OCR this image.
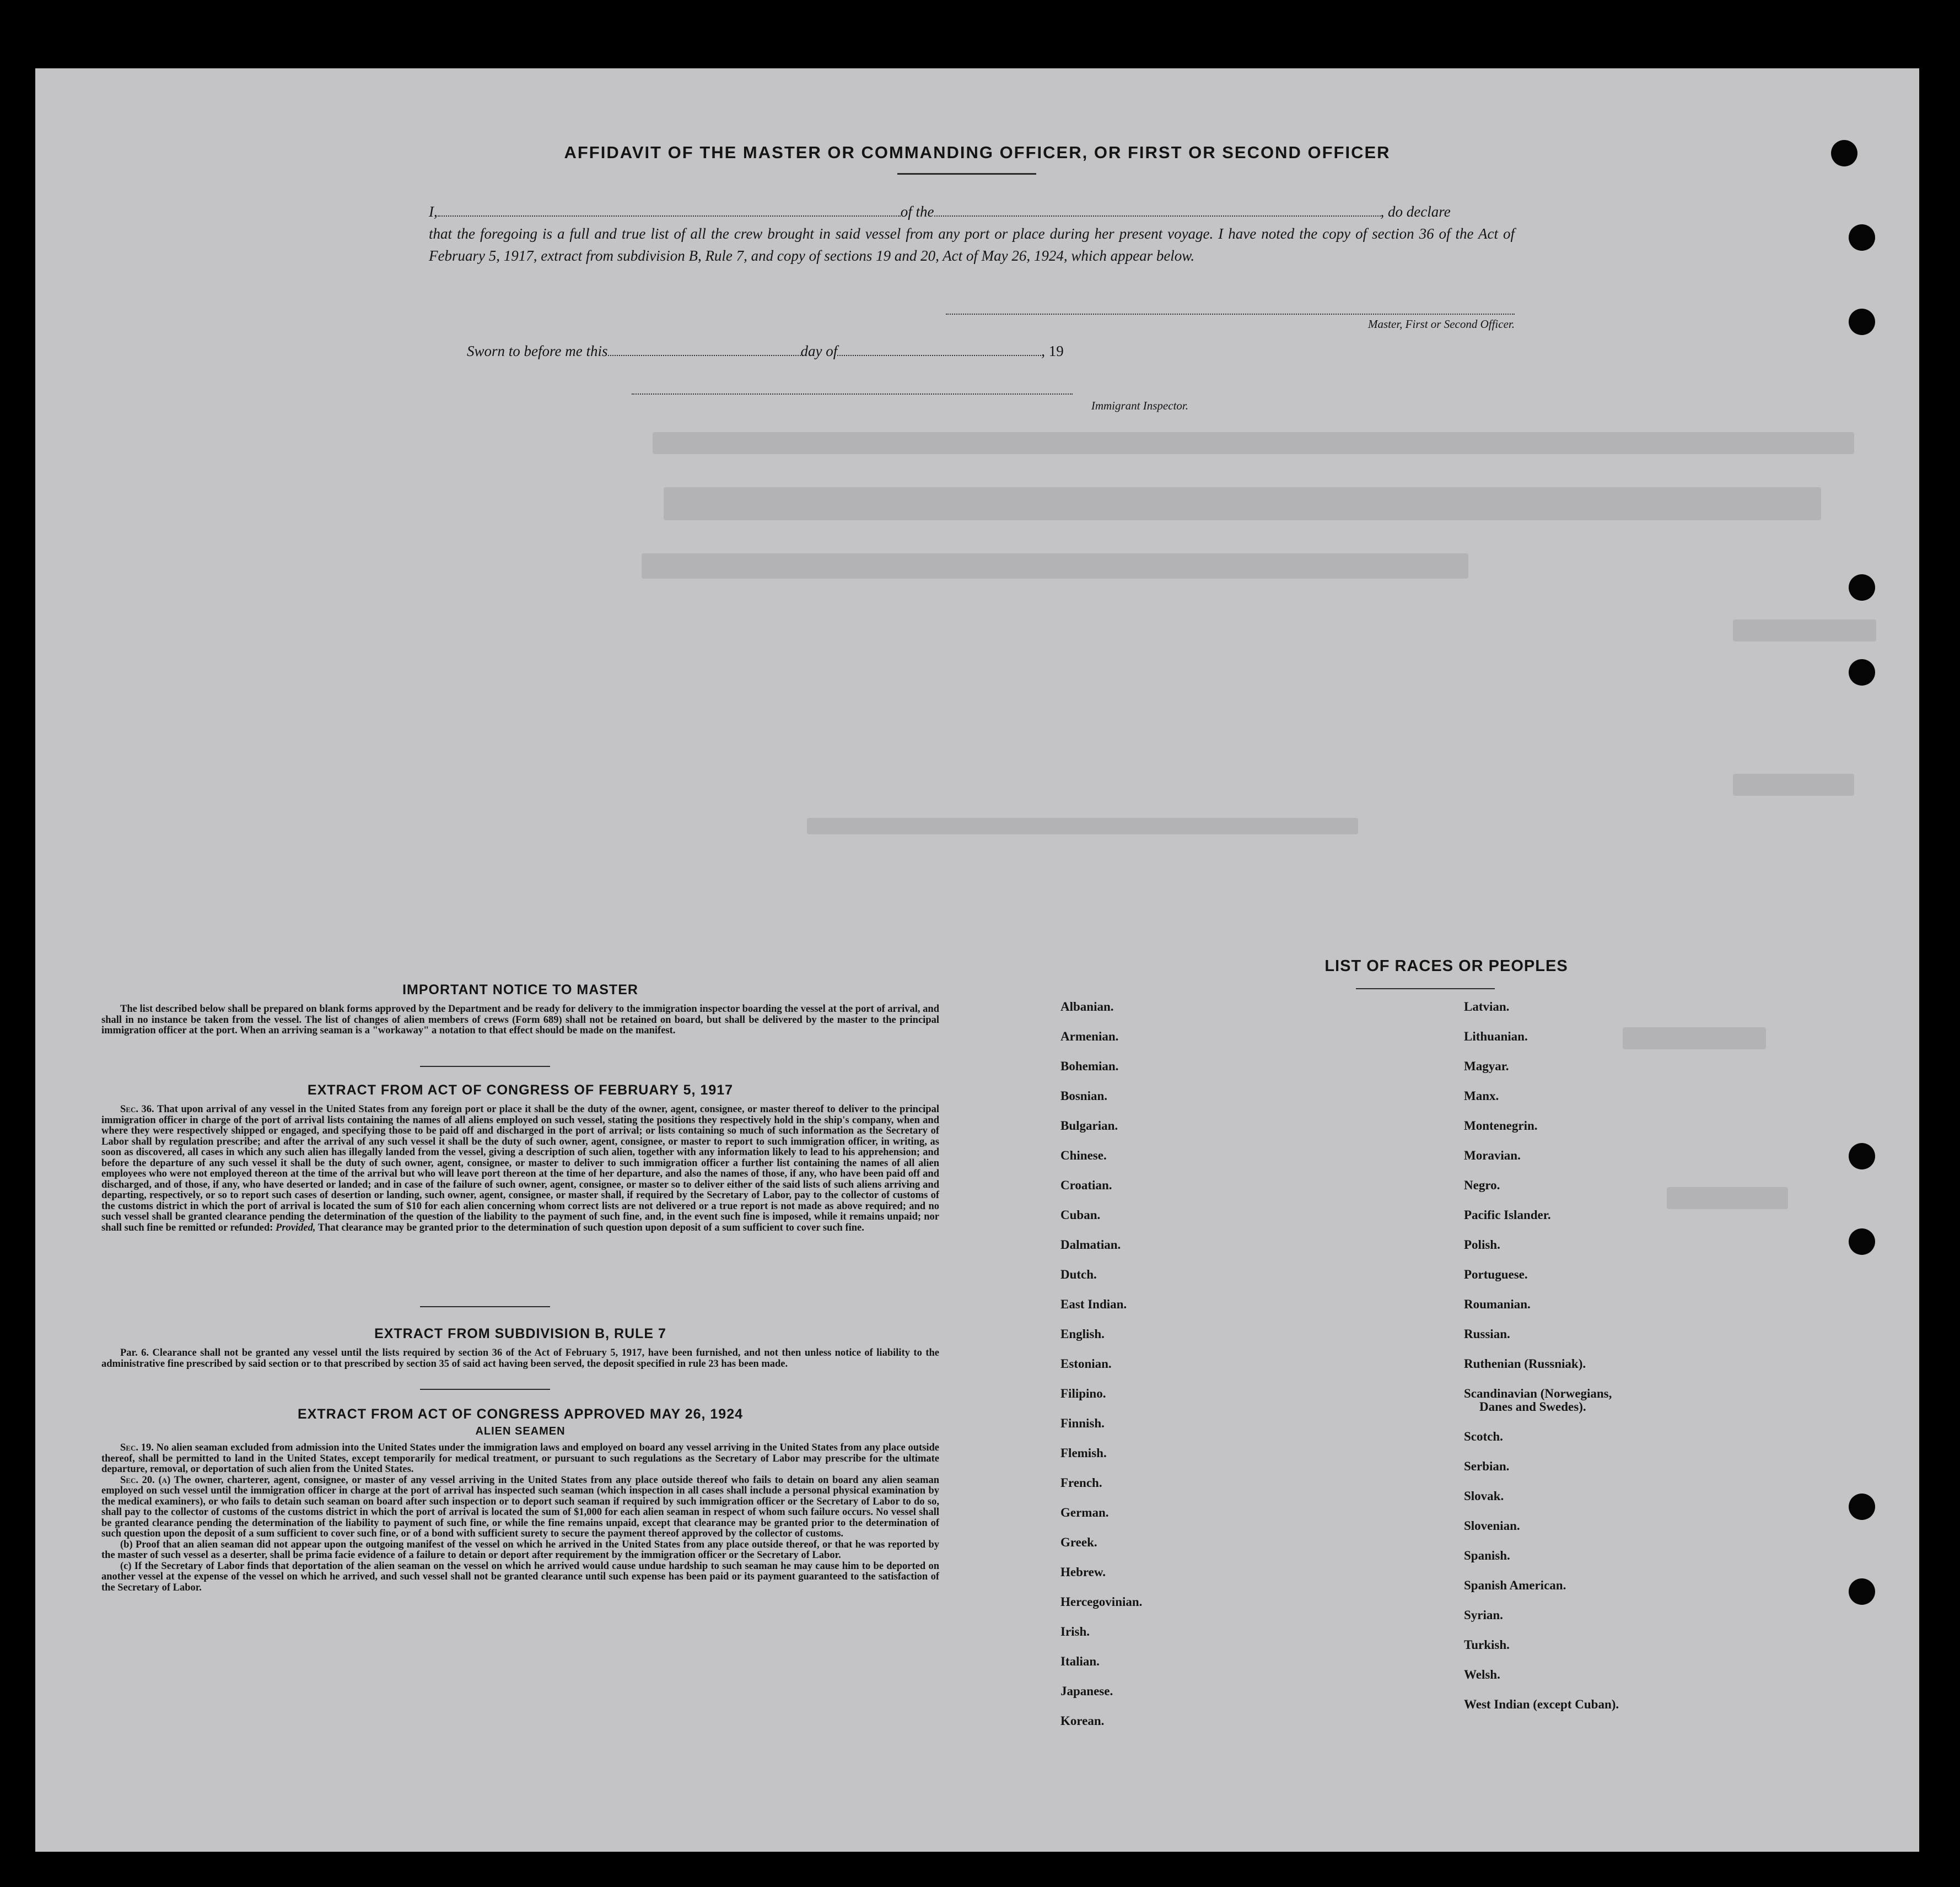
AFFIDAVIT OF THE MASTER OR COMMANDING OFFICER, OR FIRST OR SECOND OFFICER
I,	of the	, do declare
that the foregoing is a full and true list of all the crew brought in said vessel from any port or place during her present voyage. I have noted the copy of section 36 of the Act of February 5, 1917, extract from subdivision B, Rule 7, and copy of sections 19 and 20, Act of May 26, 1924, which appear below.
Master, First or Second Officer.
Sworn to before me this	day of	, 19
Immigrant Inspector.
IMPORTANT NOTICE TO MASTER

The list described below shall be prepared on blank forms approved by the Department and be ready for delivery to the immigration inspector boarding the vessel at the port of arrival, and shall in no instance be taken from the vessel. The list of changes of alien members of crews (Form 689) shall not be retained on board, but shall be delivered by the master to the principal immigration officer at the port. When an arriving seaman is a "workaway" a notation to that effect should be made on the manifest.

EXTRACT FROM ACT OF CONGRESS OF FEBRUARY 5, 1917

Sec. 36. That upon arrival of any vessel in the United States from any foreign port or place it shall be the duty of the owner, agent, consignee, or master thereof to deliver to the principal immigration officer in charge of the port of arrival lists containing the names of all aliens employed on such vessel, stating the positions they respectively hold in the ship's company, when and where they were respectively shipped or engaged, and specifying those to be paid off and discharged in the port of arrival; or lists containing so much of such information as the Secretary of Labor shall by regulation prescribe; and after the arrival of any such vessel it shall be the duty of such owner, agent, consignee, or master to report to such immigration officer, in writing, as soon as discovered, all cases in which any such alien has illegally landed from the vessel, giving a description of such alien, together with any information likely to lead to his apprehension; and before the departure of any such vessel it shall be the duty of such owner, agent, consignee, or master to deliver to such immigration officer a further list containing the names of all alien employees who were not employed thereon at the time of the arrival but who will leave port thereon at the time of her departure, and also the names of those, if any, who have been paid off and discharged, and of those, if any, who have deserted or landed; and in case of the failure of such owner, agent, consignee, or master so to deliver either of the said lists of such aliens arriving and departing, respectively, or so to report such cases of desertion or landing, such owner, agent, consignee, or master shall, if required by the Secretary of Labor, pay to the collector of customs of the customs district in which the port of arrival is located the sum of $10 for each alien concerning whom correct lists are not delivered or a true report is not made as above required; and no such vessel shall be granted clearance pending the determination of the question of the liability to the payment of such fine, and, in the event such fine is imposed, while it remains unpaid; nor shall such fine be remitted or refunded: Provided, That clearance may be granted prior to the determination of such question upon deposit of a sum sufficient to cover such fine.

EXTRACT FROM SUBDIVISION B, RULE 7

Par. 6. Clearance shall not be granted any vessel until the lists required by section 36 of the Act of February 5, 1917, have been furnished, and not then unless notice of liability to the administrative fine prescribed by said section or to that prescribed by section 35 of said act having been served, the deposit specified in rule 23 has been made.

EXTRACT FROM ACT OF CONGRESS APPROVED MAY 26, 1924
ALIEN SEAMEN

Sec. 19. No alien seaman excluded from admission into the United States under the immigration laws and employed on board any vessel arriving in the United States from any place outside thereof, shall be permitted to land in the United States, except temporarily for medical treatment, or pursuant to such regulations as the Secretary of Labor may prescribe for the ultimate departure, removal, or deportation of such alien from the United States.

Sec. 20. (a) The owner, charterer, agent, consignee, or master of any vessel arriving in the United States from any place outside thereof who fails to detain on board any alien seaman employed on such vessel until the immigration officer in charge at the port of arrival has inspected such seaman (which inspection in all cases shall include a personal physical examination by the medical examiners), or who fails to detain such seaman on board after such inspection or to deport such seaman if required by such immigration officer or the Secretary of Labor to do so, shall pay to the collector of customs of the customs district in which the port of arrival is located the sum of $1,000 for each alien seaman in respect of whom such failure occurs. No vessel shall be granted clearance pending the determination of the liability to payment of such fine, or while the fine remains unpaid, except that clearance may be granted prior to the determination of such question upon the deposit of a sum sufficient to cover such fine, or of a bond with sufficient surety to secure the payment thereof approved by the collector of customs.

(b) Proof that an alien seaman did not appear upon the outgoing manifest of the vessel on which he arrived in the United States from any place outside thereof, or that he was reported by the master of such vessel as a deserter, shall be prima facie evidence of a failure to detain or deport after requirement by the immigration officer or the Secretary of Labor.

(c) If the Secretary of Labor finds that deportation of the alien seaman on the vessel on which he arrived would cause undue hardship to such seaman he may cause him to be deported on another vessel at the expense of the vessel on which he arrived, and such vessel shall not be granted clearance until such expense has been paid or its payment guaranteed to the satisfaction of the Secretary of Labor.

LIST OF RACES OR PEOPLES
Albanian.
Armenian.
Bohemian.
Bosnian.
Bulgarian.
Chinese.
Croatian.
Cuban.
Dalmatian.
Dutch.
East Indian.
English.
Estonian.
Filipino.
Finnish.
Flemish.
French.
German.
Greek.
Hebrew.
Hercegovinian.
Irish.
Italian.
Japanese.
Korean.
Latvian.
Lithuanian.
Magyar.
Manx.
Montenegrin.
Moravian.
Negro.
Pacific Islander.
Polish.
Portuguese.
Roumanian.
Russian.
Ruthenian (Russniak).
Scandinavian (Norwegians,
Danes and Swedes).
Scotch.
Serbian.
Slovak.
Slovenian.
Spanish.
Spanish American.
Syrian.
Turkish.
Welsh.
West Indian (except Cuban).
